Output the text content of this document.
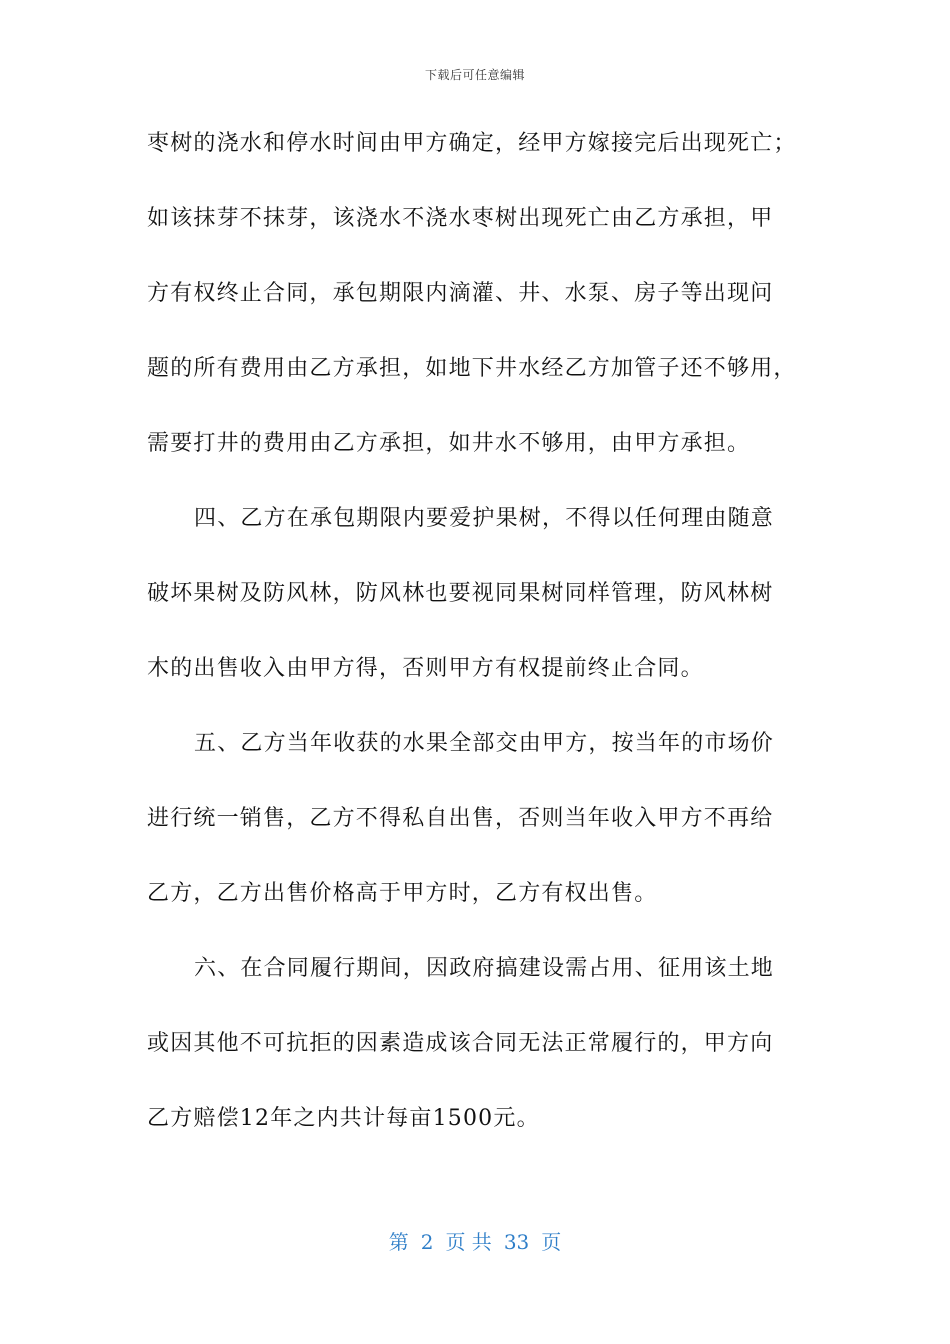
下载后可任意编辑
枣树的浇水和停水时间由甲方确定，经甲方嫁接完后出现死亡；
如该抹芽不抹芽，该浇水不浇水枣树出现死亡由乙方承担，甲
方有权终止合同，承包期限内滴灌、井、水泵、房子等出现问
题的所有费用由乙方承担，如地下井水经乙方加管子还不够用，
需要打井的费用由乙方承担，如井水不够用，由甲方承担。
四、乙方在承包期限内要爱护果树，不得以任何理由随意
破坏果树及防风林，防风林也要视同果树同样管理，防风林树
木的出售收入由甲方得，否则甲方有权提前终止合同。
五、乙方当年收获的水果全部交由甲方，按当年的市场价
进行统一销售，乙方不得私自出售，否则当年收入甲方不再给
乙方，乙方出售价格高于甲方时，乙方有权出售。
六、在合同履行期间，因政府搞建设需占用、征用该土地
或因其他不可抗拒的因素造成该合同无法正常履行的，甲方向
乙方赔偿12年之内共计每亩1500元。
第 2 页 共 33 页
